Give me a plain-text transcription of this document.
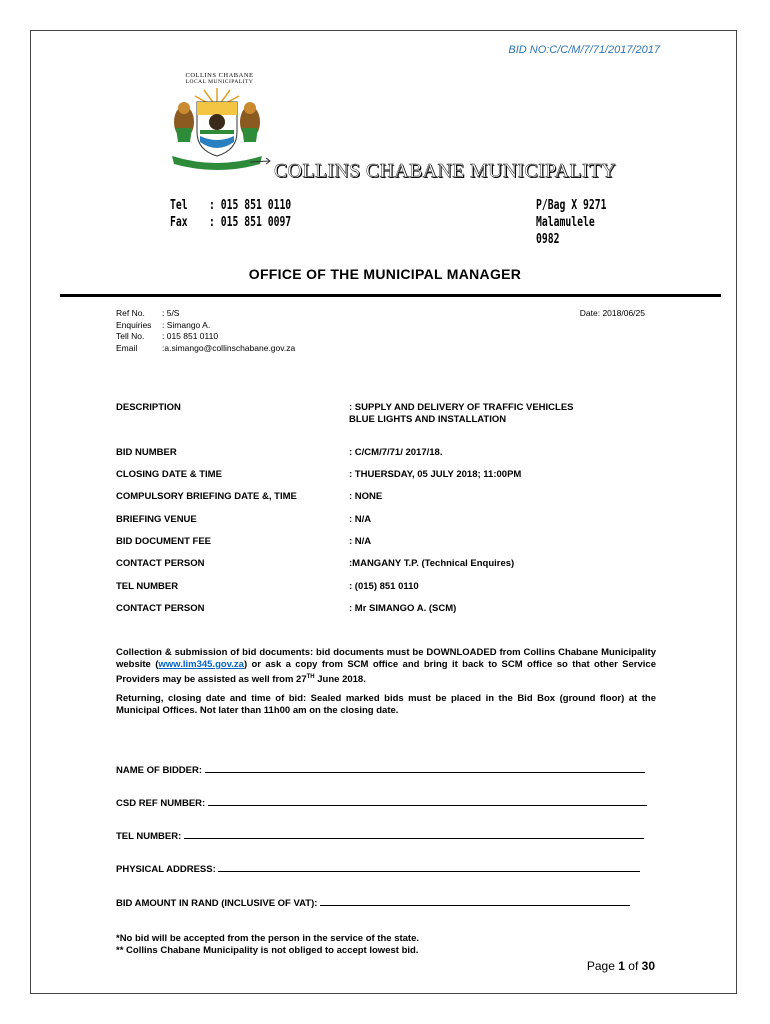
BID NO:C/C/M/7/71/2017/2017
COLLINS CHABANE
LOCAL MUNICIPALITY
COLLINS CHABANE MUNICIPALITY
Tel : 015 851 0110
Fax : 015 851 0097
P/Bag X 9271
Malamulele
0982
OFFICE OF THE MUNICIPAL MANAGER
Ref No. : 5/S
Enquiries : Simango A.
Tell No. : 015 851 0110
Email	:a.simango@collinschabane.gov.za
Date: 2018/06/25
DESCRIPTION	: SUPPLY AND DELIVERY OF TRAFFIC VEHICLES
BLUE LIGHTS AND INSTALLATION
BID NUMBER	: C/CM/7/71/ 2017/18.
CLOSING DATE & TIME	: THUERSDAY, 05 JULY 2018; 11:00PM
COMPULSORY BRIEFING DATE &, TIME	: NONE
BRIEFING VENUE	: N/A
BID DOCUMENT FEE	: N/A
CONTACT PERSON	:MANGANY T.P. (Technical Enquires)
TEL NUMBER	: (015) 851 0110
CONTACT PERSON	: Mr SIMANGO A. (SCM)
Collection & submission of bid documents: bid documents must be DOWNLOADED from Collins Chabane Municipality website (www.lim345.gov.za) or ask a copy from SCM office and bring it back to SCM office so that other Service Providers may be assisted as well from 27TH June 2018.
Returning, closing date and time of bid: Sealed marked bids must be placed in the Bid Box (ground floor) at the Municipal Offices. Not later than 11h00 am on the closing date.
NAME OF BIDDER:
CSD REF NUMBER:
TEL NUMBER:
PHYSICAL ADDRESS:
BID AMOUNT IN RAND (INCLUSIVE OF VAT):
*No bid will be accepted from the person in the service of the state.
** Collins Chabane Municipality is not obliged to accept lowest bid.
Page 1 of 30
